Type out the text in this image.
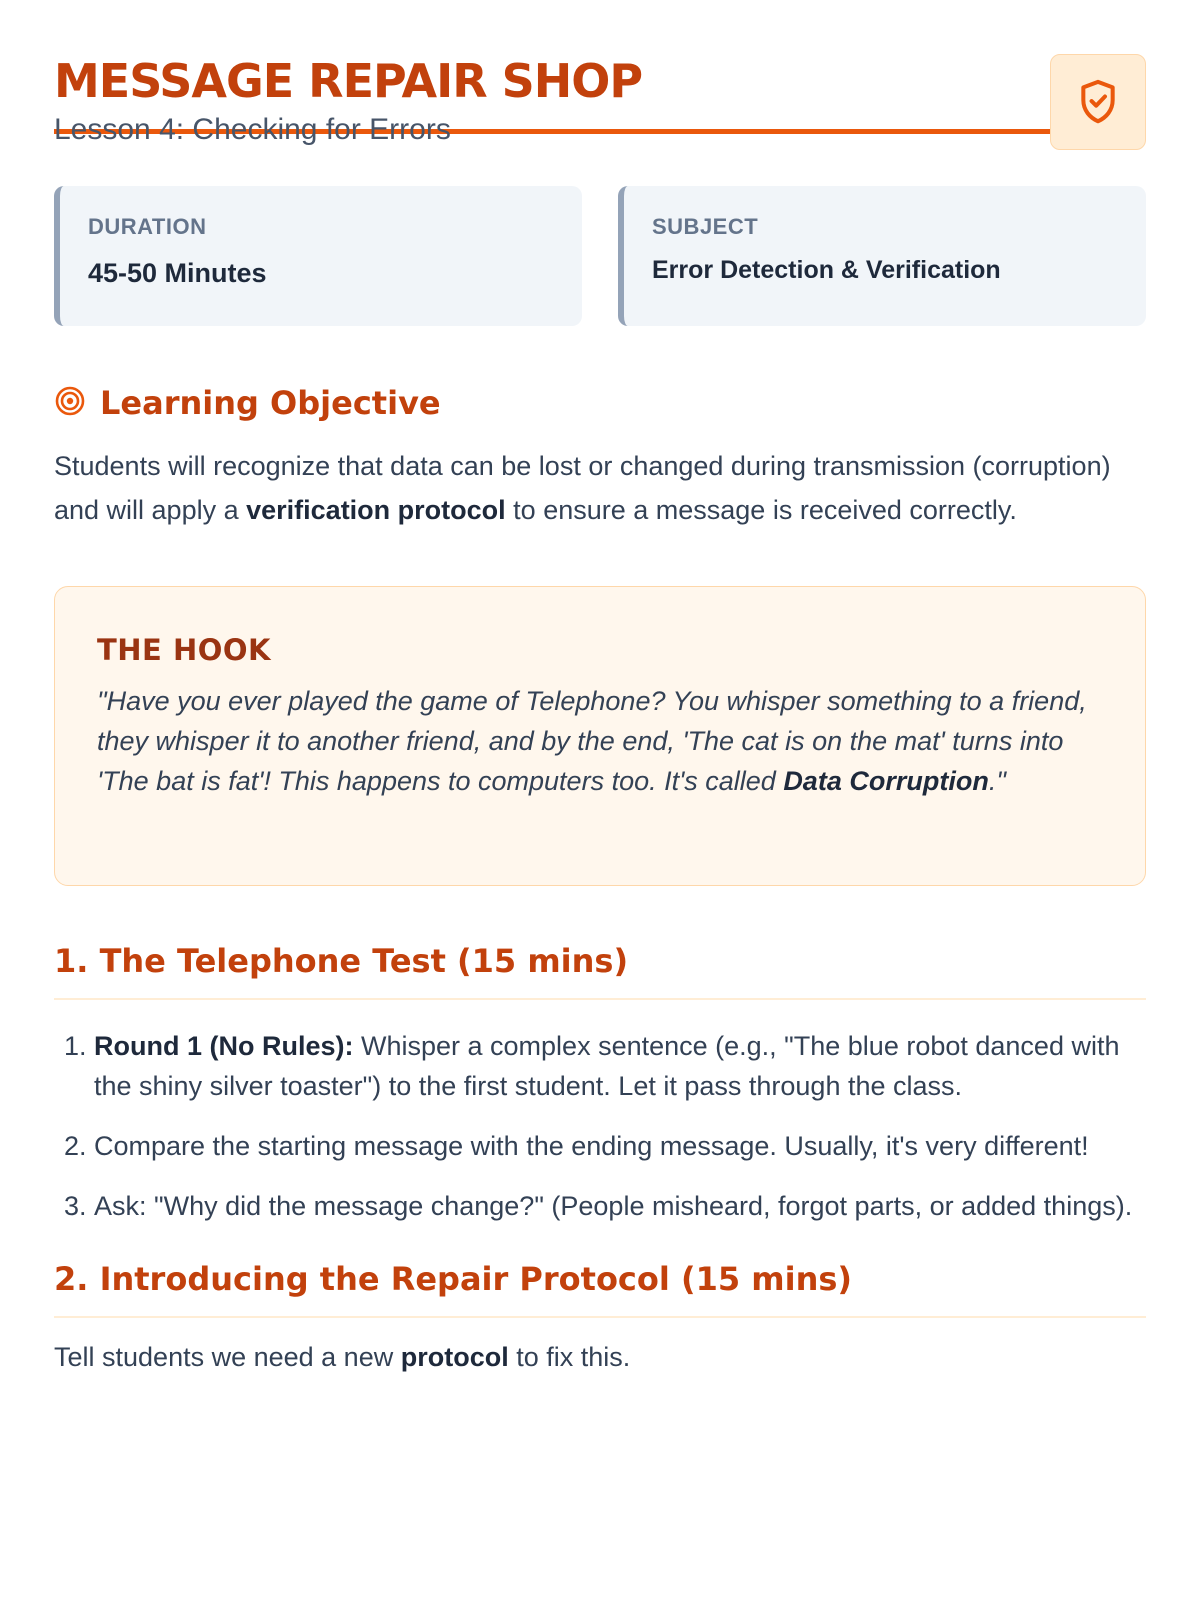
MESSAGE REPAIR SHOP
Lesson 4: Checking for Errors
DURATION
45-50 Minutes
SUBJECT
Error Detection & Verification
Learning Objective

Students will recognize that data can be lost or changed during transmission (corruption) and will apply a verification protocol to ensure a message is received correctly.

THE HOOK
"Have you ever played the game of Telephone? You whisper something to a friend, they whisper it to another friend, and by the end, 'The cat is on the mat' turns into 'The bat is fat'! This happens to computers too. It's called Data Corruption."
1. The Telephone Test (15 mins)
1. Round 1 (No Rules): Whisper a complex sentence (e.g., "The blue robot danced with the shiny silver toaster") to the first student. Let it pass through the class.
2. Compare the starting message with the ending message. Usually, it's very different!
3. Ask: "Why did the message change?" (People misheard, forgot parts, or added things).
2. Introducing the Repair Protocol (15 mins)
Tell students we need a new protocol to fix this.
